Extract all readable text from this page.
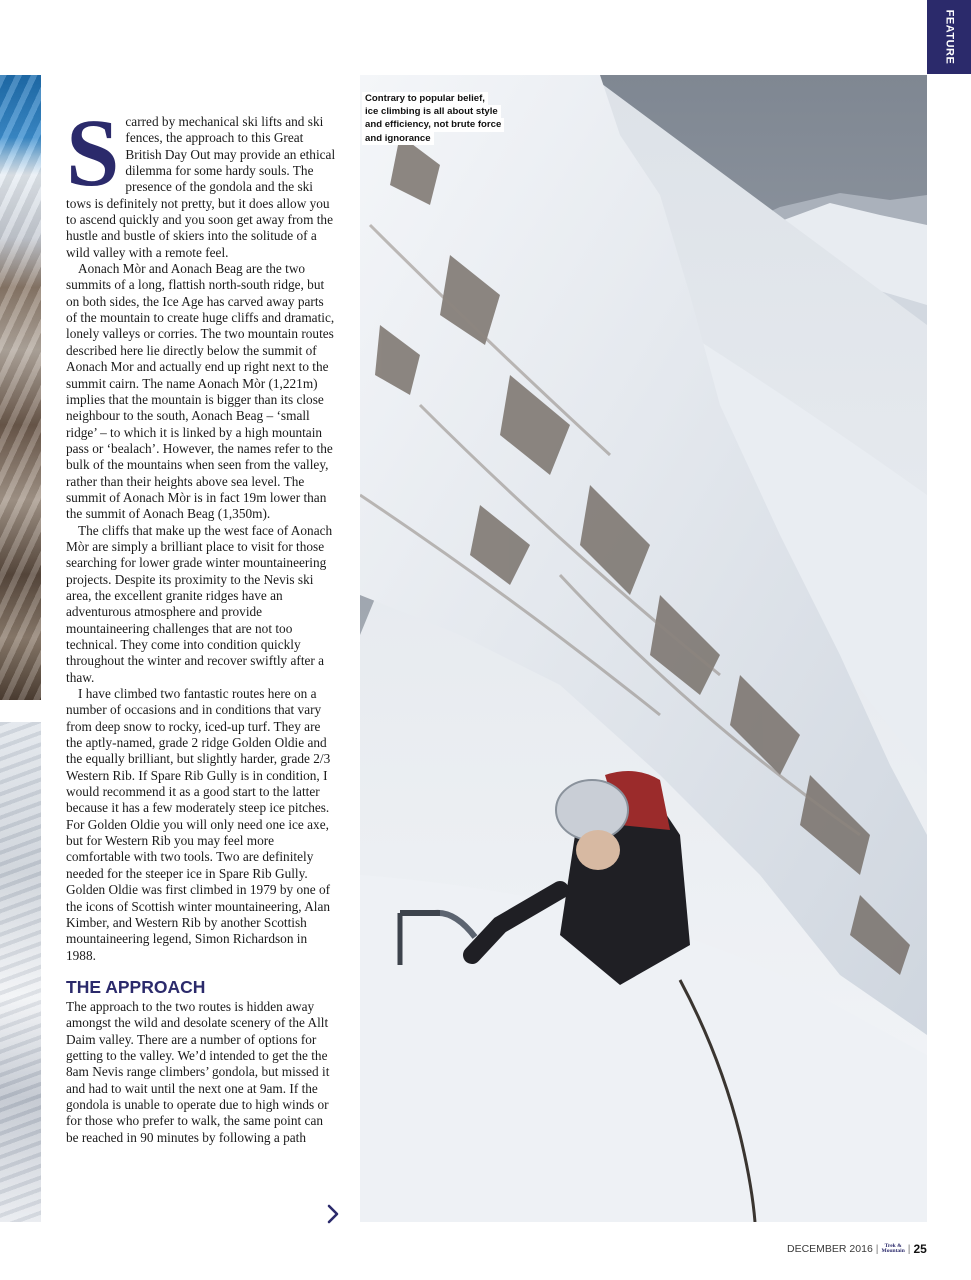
FEATURE

Scarred by mechanical ski lifts and ski fences, the approach to this Great British Day Out may provide an ethical dilemma for some hardy souls. The presence of the gondola and the ski tows is definitely not pretty, but it does allow you to ascend quickly and you soon get away from the hustle and bustle of skiers into the solitude of a wild valley with a remote feel.

Aonach Mòr and Aonach Beag are the two summits of a long, flattish north-south ridge, but on both sides, the Ice Age has carved away parts of the mountain to create huge cliffs and dramatic, lonely valleys or corries. The two mountain routes described here lie directly below the summit of Aonach Mor and actually end up right next to the summit cairn. The name Aonach Mòr (1,221m) implies that the mountain is bigger than its close neighbour to the south, Aonach Beag – ‘small ridge’ – to which it is linked by a high mountain pass or ‘bealach’. However, the names refer to the bulk of the mountains when seen from the valley, rather than their heights above sea level. The summit of Aonach Mòr is in fact 19m lower than the summit of Aonach Beag (1,350m).

The cliffs that make up the west face of Aonach Mòr are simply a brilliant place to visit for those searching for lower grade winter mountaineering projects. Despite its proximity to the Nevis ski area, the excellent granite ridges have an adventurous atmosphere and provide mountaineering challenges that are not too technical. They come into condition quickly throughout the winter and recover swiftly after a thaw.

I have climbed two fantastic routes here on a number of occasions and in conditions that vary from deep snow to rocky, iced-up turf. They are the aptly-named, grade 2 ridge Golden Oldie and the equally brilliant, but slightly harder, grade 2/3 Western Rib. If Spare Rib Gully is in condition, I would recommend it as a good start to the latter because it has a few moderately steep ice pitches. For Golden Oldie you will only need one ice axe, but for Western Rib you may feel more comfortable with two tools. Two are definitely needed for the steeper ice in Spare Rib Gully. Golden Oldie was first climbed in 1979 by one of the icons of Scottish winter mountaineering, Alan Kimber, and Western Rib by another Scottish mountaineering legend, Simon Richardson in 1988.

THE APPROACH

The approach to the two routes is hidden away amongst the wild and desolate scenery of the Allt Daim valley. There are a number of options for getting to the valley. We’d intended to get the the 8am Nevis range climbers’ gondola, but missed it and had to wait until the next one at 9am. If the gondola is unable to operate due to high winds or for those who prefer to walk, the same point can be reached in 90 minutes by following a path

Contrary to popular belief,
ice climbing is all about style
and efficiency, not brute force
and ignorance
DECEMBER 2016 |	Trek &
Mountain | 25
